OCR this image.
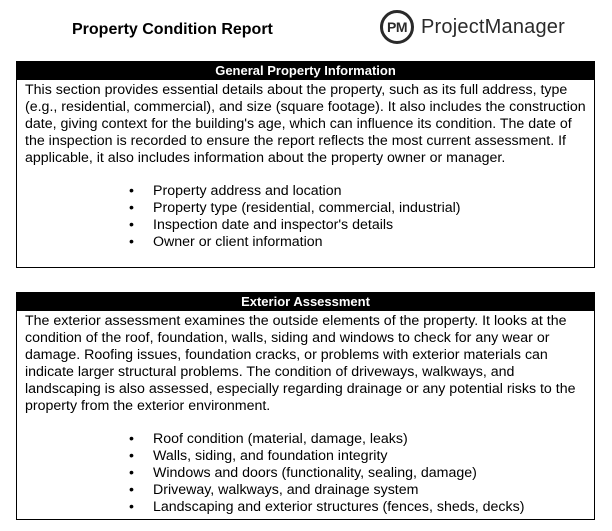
Property Condition Report	PM ProjectManager
General Property Information

This section provides essential details about the property, such as its full address, type (e.g., residential, commercial), and size (square footage). It also includes the construction date, giving context for the building's age, which can influence its condition. The date of the inspection is recorded to ensure the report reflects the most current assessment. If applicable, it also includes information about the property owner or manager.

• Property address and location
• Property type (residential, commercial, industrial)
• Inspection date and inspector's details
• Owner or client information
Exterior Assessment

The exterior assessment examines the outside elements of the property. It looks at the condition of the roof, foundation, walls, siding and windows to check for any wear or damage. Roofing issues, foundation cracks, or problems with exterior materials can indicate larger structural problems. The condition of driveways, walkways, and landscaping is also assessed, especially regarding drainage or any potential risks to the property from the exterior environment.

• Roof condition (material, damage, leaks)
• Walls, siding, and foundation integrity
• Windows and doors (functionality, sealing, damage)
• Driveway, walkways, and drainage system
• Landscaping and exterior structures (fences, sheds, decks)
